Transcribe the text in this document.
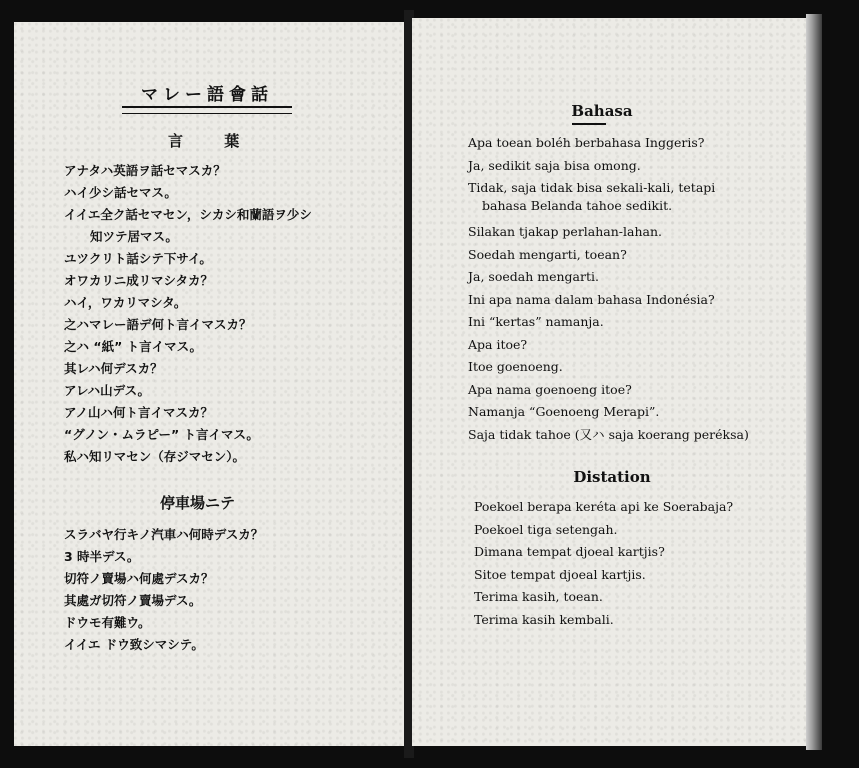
マレー語會話
言 葉
アナタハ英語ヲ話セマスカ？
ハイ少シ話セマス。
イイエ全ク話セマセン，シカシ和蘭語ヲ少シ
知ツテ居マス。
ユツクリト話シテ下サイ。
オワカリニ成リマシタカ？
ハイ，ワカリマシタ。
之ハマレー語デ何ト言イマスカ？
之ハ “紙” ト言イマス。
其レハ何デスカ？
アレハ山デス。
アノ山ハ何ト言イマスカ？
“グノン・ムラピー” ト言イマス。
私ハ知リマセン（存ジマセン）。
停車場ニテ
スラバヤ行キノ汽車ハ何時デスカ？
3 時半デス。
切符ノ賣場ハ何處デスカ？
其處ガ切符ノ賣場デス。
ドウモ有難ウ。
イイエ ドウ致シマシテ。
Bahasa
Apa toean boléh berbahasa Inggeris?
Ja, sedikit saja bisa omong.
Tidak, saja tidak bisa sekali-kali, tetapi
bahasa Belanda tahoe sedikit.
Silakan tjakap perlahan-lahan.
Soedah mengarti, toean?
Ja, soedah mengarti.
Ini apa nama dalam bahasa Indonésia?
Ini “kertas” namanja.
Apa itoe?
Itoe goenoeng.
Apa nama goenoeng itoe?
Namanja “Goenoeng Merapi”.
Saja tidak tahoe (又ハ saja koerang peréksa)
Distation
Poekoel berapa keréta api ke Soerabaja?
Poekoel tiga setengah.
Dimana tempat djoeal kartjis?
Sitoe tempat djoeal kartjis.
Terima kasih, toean.
Terima kasih kembali.
